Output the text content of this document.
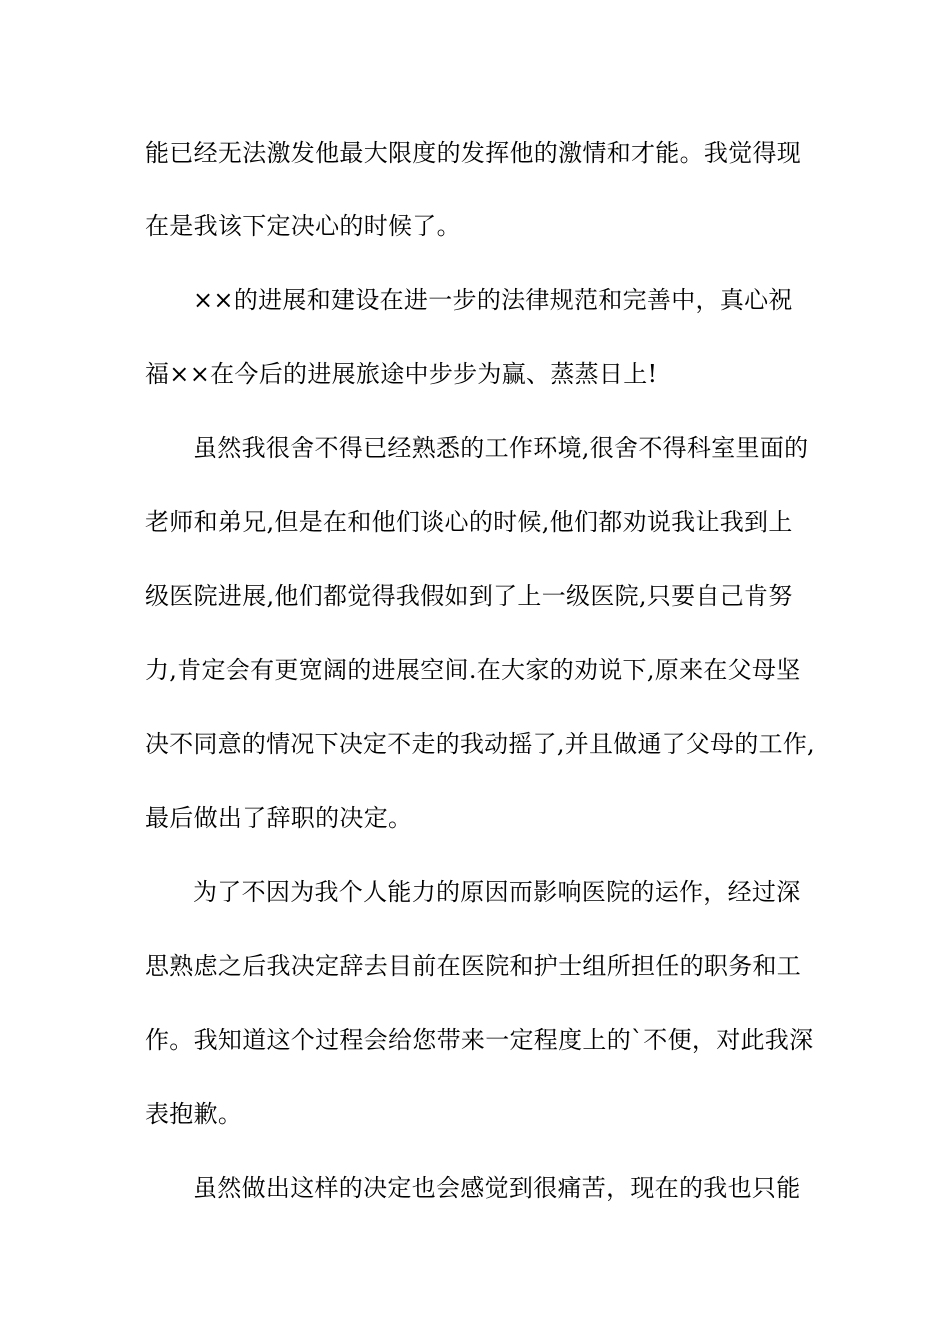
能已经无法激发他最大限度的发挥他的激情和才能。我觉得现
在是我该下定决心的时候了。
××的进展和建设在进一步的法律规范和完善中，真心祝
福××在今后的进展旅途中步步为赢、蒸蒸日上!
虽然我很舍不得已经熟悉的工作环境,很舍不得科室里面的
老师和弟兄,但是在和他们谈心的时候,他们都劝说我让我到上
级医院进展,他们都觉得我假如到了上一级医院,只要自己肯努
力,肯定会有更宽阔的进展空间.在大家的劝说下,原来在父母坚
决不同意的情况下决定不走的我动摇了,并且做通了父母的工作,
最后做出了辞职的决定。
为了不因为我个人能力的原因而影响医院的运作，经过深
思熟虑之后我决定辞去目前在医院和护士组所担任的职务和工
作。我知道这个过程会给您带来一定程度上的`不便，对此我深
表抱歉。
虽然做出这样的决定也会感觉到很痛苦，现在的我也只能
